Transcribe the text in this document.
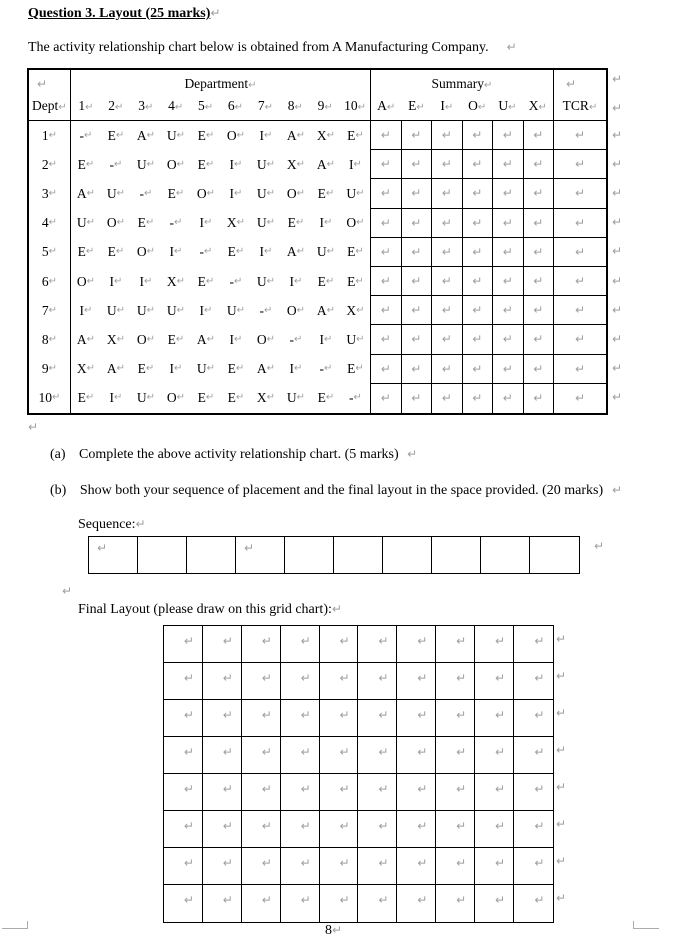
Question 3. Layout (25 marks)↵
The activity relationship chart below is obtained from A Manufacturing Company. ↵
↵
Dept↵
Department↵
1↵	2↵	3↵	4↵	5↵	6↵	7↵	8↵	9↵ 10↵
Summary↵
A↵ E↵	I↵	O↵ U↵ X↵
↵
TCR↵
1 ↵ - ↵ E ↵ A ↵ U ↵ E ↵ O ↵ I ↵ A ↵ X ↵ E ↵ ↵ ↵ ↵ ↵ ↵ ↵	↵
2 ↵ E ↵ - ↵ U ↵ O ↵ E ↵ I ↵ U ↵ X ↵ A ↵ I ↵ ↵ ↵ ↵ ↵ ↵ ↵	↵
3 ↵ A ↵ U ↵ - ↵ E ↵ O ↵ I ↵ U ↵ O ↵ E ↵ U ↵ ↵ ↵ ↵ ↵ ↵ ↵	↵
4 ↵ U ↵ O ↵ E ↵ - ↵ I ↵ X ↵ U ↵ E ↵ I ↵ O ↵ ↵ ↵ ↵ ↵ ↵ ↵	↵
5 ↵ E ↵ E ↵ O ↵ I ↵ - ↵ E ↵ I ↵ A ↵ U ↵ E ↵ ↵ ↵ ↵ ↵ ↵ ↵	↵
6 ↵ O ↵ I ↵ I ↵ X ↵ E ↵ - ↵ U ↵ I ↵ E ↵ E ↵ ↵ ↵ ↵ ↵ ↵ ↵	↵
7 ↵ I ↵ U ↵ U ↵ U ↵ I ↵ U ↵ - ↵ O ↵ A ↵ X ↵ ↵ ↵ ↵ ↵ ↵ ↵	↵
8 ↵ A ↵ X ↵ O ↵ E ↵ A ↵ I ↵ O ↵ - ↵ I ↵ U ↵ ↵ ↵ ↵ ↵ ↵ ↵	↵
9 ↵ X ↵ A ↵ E ↵ I ↵ U ↵ E ↵ A ↵ I ↵ - ↵ E ↵ ↵ ↵ ↵ ↵ ↵ ↵	↵
10 ↵ E ↵ I ↵ U ↵ O ↵ E ↵ E ↵ X ↵ U ↵ E ↵ - ↵ ↵ ↵ ↵ ↵ ↵ ↵	↵
↵
↵
↵
↵
↵
↵
↵
↵
↵
↵
↵
↵
↵
(a) Complete the above activity relationship chart. (5 marks) ↵
(b) Show both your sequence of placement and the final layout in the space provided. (20 marks) ↵
Sequence:↵
↵	↵	↵
↵
Final Layout (please draw on this grid chart):↵
↵ ↵ ↵ ↵ ↵ ↵ ↵ ↵ ↵ ↵
↵ ↵ ↵ ↵ ↵ ↵ ↵ ↵ ↵ ↵
↵ ↵ ↵ ↵ ↵ ↵ ↵ ↵ ↵ ↵
↵ ↵ ↵ ↵ ↵ ↵ ↵ ↵ ↵ ↵
↵ ↵ ↵ ↵ ↵ ↵ ↵ ↵ ↵ ↵
↵ ↵ ↵ ↵ ↵ ↵ ↵ ↵ ↵ ↵
↵ ↵ ↵ ↵ ↵ ↵ ↵ ↵ ↵ ↵
↵ ↵ ↵ ↵ ↵ ↵ ↵ ↵ ↵ ↵
↵
↵
↵
↵
↵
↵
↵
↵
8↵
